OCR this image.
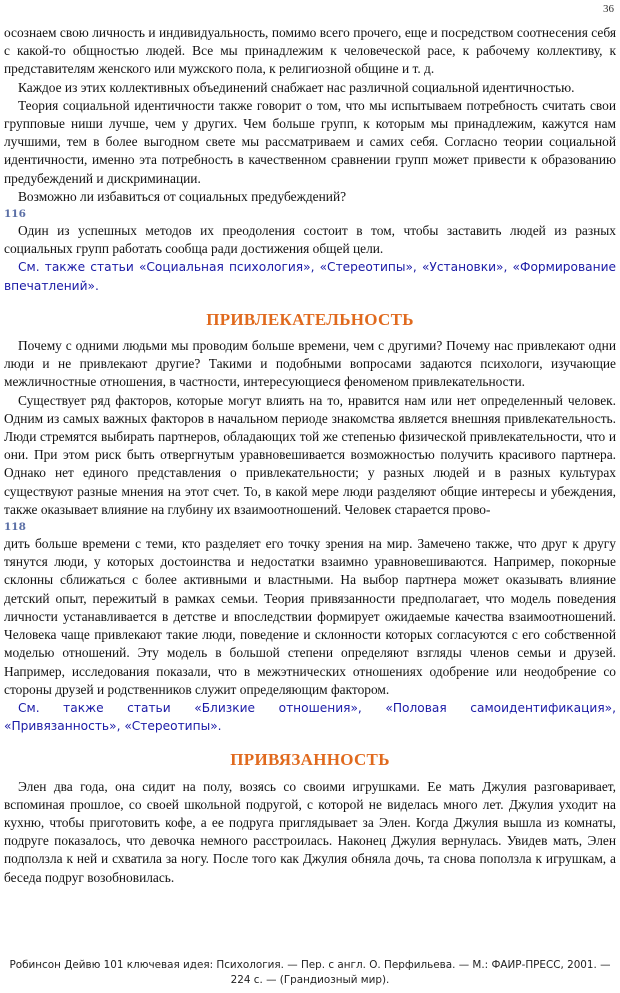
36

осознаем свою личность и индивидуальность, помимо всего прочего, еще и посредством соотнесения себя с какой-то общностью людей. Все мы принадлежим к человеческой расе, к рабочему коллективу, к представителям женского или мужского пола, к религиозной общине и т. д.

Каждое из этих коллективных объединений снабжает нас различной социальной идентичностью.

Теория социальной идентичности также говорит о том, что мы испытываем потребность считать свои групповые ниши лучше, чем у других. Чем больше групп, к которым мы принадлежим, кажутся нам лучшими, тем в более выгодном свете мы рассматриваем и самих себя. Согласно теории социальной идентичности, именно эта потребность в качественном сравнении групп может привести к образованию предубеждений и дискриминации.

Возможно ли избавиться от социальных предубеждений?

116

Один из успешных методов их преодоления состоит в том, чтобы заставить людей из разных социальных групп работать сообща ради достижения общей цели.

См. также статьи «Социальная психология», «Стереотипы», «Установки», «Формирование впечатлений».

ПРИВЛЕКАТЕЛЬНОСТЬ

Почему с одними людьми мы проводим больше времени, чем с другими? Почему нас привлекают одни люди и не привлекают другие? Такими и подобными вопросами задаются психологи, изучающие межличностные отношения, в частности, интересующиеся феноменом привлекательности.

Существует ряд факторов, которые могут влиять на то, нравится нам или нет определенный человек. Одним из самых важных факторов в начальном периоде знакомства является внешняя привлекательность. Люди стремятся выбирать партнеров, обладающих той же степенью физической привлекательности, что и они. При этом риск быть отвергнутым уравновешивается возможностью получить красивого партнера. Однако нет единого представления о привлекательности; у разных людей и в разных культурах существуют разные мнения на этот счет. То, в какой мере люди разделяют общие интересы и убеждения, также оказывает влияние на глубину их взаимоотношений. Человек старается прово-

118

дить больше времени с теми, кто разделяет его точку зрения на мир. Замечено также, что друг к другу тянутся люди, у которых достоинства и недостатки взаимно уравновешиваются. Например, покорные склонны сближаться с более активными и властными. На выбор партнера может оказывать влияние детский опыт, пережитый в рамках семьи. Теория привязанности предполагает, что модель поведения личности устанавливается в детстве и впоследствии формирует ожидаемые качества взаимоотношений. Человека чаще привлекают такие люди, поведение и склонности которых согласуются с его собственной моделью отношений. Эту модель в большой степени определяют взгляды членов семьи и друзей. Например, исследования показали, что в межэтнических отношениях одобрение или неодобрение со стороны друзей и родственников служит определяющим фактором.

См. также статьи «Близкие отношения», «Половая самоидентификация», «Привязанность», «Стереотипы».

ПРИВЯЗАННОСТЬ

Элен два года, она сидит на полу, возясь со своими игрушками. Ее мать Джулия разговаривает, вспоминая прошлое, со своей школьной подругой, с которой не виделась много лет. Джулия уходит на кухню, чтобы приготовить кофе, а ее подруга приглядывает за Элен. Когда Джулия вышла из комнаты, подруге показалось, что девочка немного расстроилась. Наконец Джулия вернулась. Увидев мать, Элен подползла к ней и схватила за ногу. После того как Джулия обняла дочь, та снова поползла к игрушкам, а беседа подруг возобновилась.

Робинсон Дейвю 101 ключевая идея: Психология. — Пер. с англ. О. Перфильева. — М.: ФАИР-ПРЕСС, 2001. —
224 с. — (Грандиозный мир).
